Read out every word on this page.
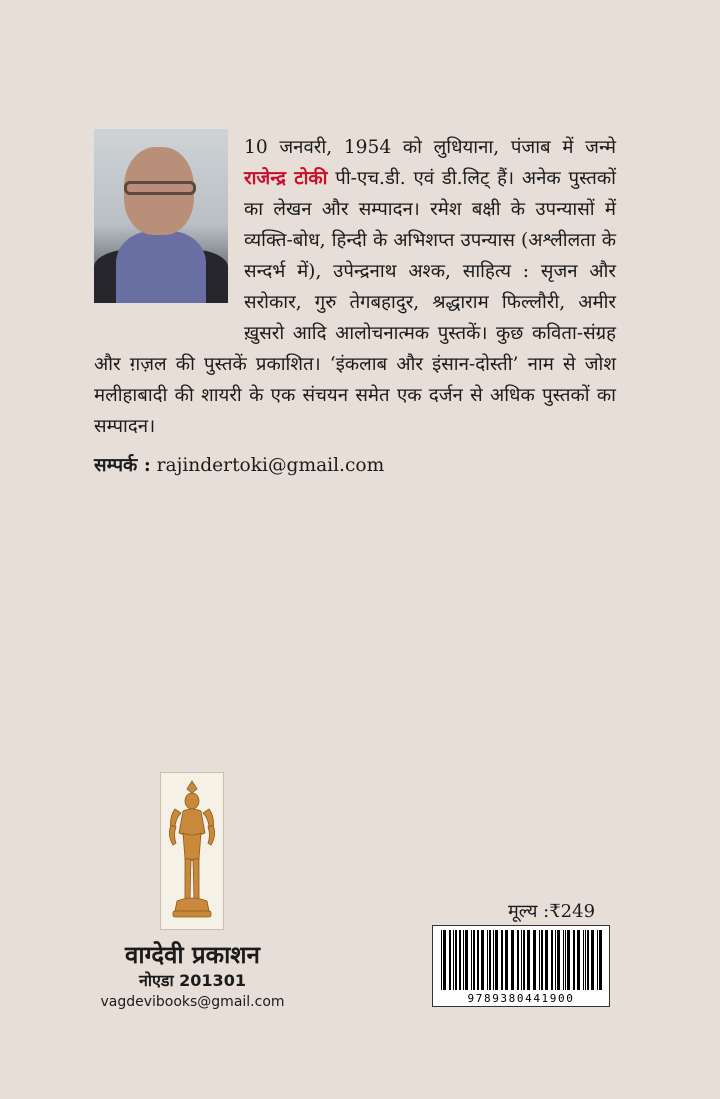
10 जनवरी, 1954 को लुधियाना, पंजाब में जन्मे राजेन्द्र टोकी पी-एच.डी. एवं डी.लिट् हैं। अनेक पुस्तकों का लेखन और सम्पादन। रमेश बक्षी के उपन्यासों में व्यक्ति-बोध, हिन्दी के अभिशप्त उपन्यास (अश्लीलता के सन्दर्भ में), उपेन्द्रनाथ अश्क, साहित्य : सृजन और सरोकार, गुरु तेगबहादुर, श्रद्धाराम फिल्लौरी, अमीर ख़ुसरो आदि आलोचनात्मक पुस्तकें। कुछ कविता-संग्रह और ग़ज़ल की पुस्तकें प्रकाशित। ‘इंकलाब और इंसान-दोस्ती’ नाम से जोश मलीहाबादी की शायरी के एक संचयन समेत एक दर्जन से अधिक पुस्तकों का सम्पादन।

सम्पर्क : rajindertoki@gmail.com
वाग्देवी प्रकाशन
नोएडा 201301
vagdevibooks@gmail.com
मूल्य :₹249
9789380441900
